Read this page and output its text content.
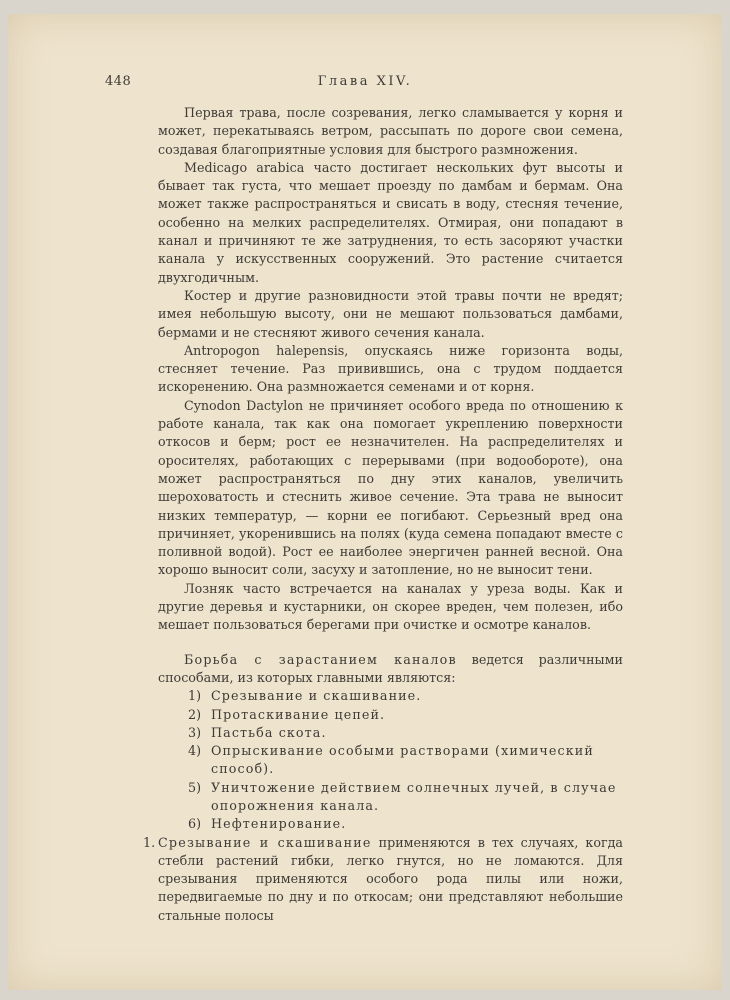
448	Глава XIV.

Первая трава, после созревания, легко сламывается у корня и может, перекатываясь ветром, рассыпать по дороге свои семена, создавая благоприятные условия для быстрого размножения.

Medicago arabica часто достигает нескольких фут высоты и бывает так густа, что мешает проезду по дамбам и бермам. Она может также распространяться и свисать в воду, стесняя течение, особенно на мелких распределителях. Отмирая, они попадают в канал и причиняют те же затруднения, то есть засоряют участки канала у искусственных сооружений. Это растение считается двухгодичным.

Костер и другие разновидности этой травы почти не вредят; имея небольшую высоту, они не мешают пользоваться дамбами, бермами и не стесняют живого сечения канала.

Antropogon halepensis, опускаясь ниже горизонта воды, стесняет течение. Раз привившись, она с трудом поддается искоренению. Она размножается семенами и от корня.

Cynodon Dactylon не причиняет особого вреда по отношению к работе канала, так как она помогает укреплению поверхности откосов и берм; рост ее незначителен. На распределителях и оросителях, работающих с перерывами (при водообороте), она может распространяться по дну этих каналов, увеличить шероховатость и стеснить живое сечение. Эта трава не выносит низких температур, — корни ее погибают. Серьезный вред она причиняет, укоренившись на полях (куда семена попадают вместе с поливной водой). Рост ее наиболее энергичен ранней весной. Она хорошо выносит соли, засуху и затопление, но не выносит тени.

Лозняк часто встречается на каналах у уреза воды. Как и другие деревья и кустарники, он скорее вреден, чем полезен, ибо мешает пользоваться берегами при очистке и осмотре каналов.

Борьба с зарастанием каналов ведется различными способами, из которых главными являются:

1) Срезывание и скашивание.
2) Протаскивание цепей.
3) Пастьба скота.
4) Опрыскивание особыми растворами (химический способ).
5) Уничтожение действием солнечных лучей, в случае опорожнения канала.
6) Нефтенирование.

1. Срезывание и скашивание применяются в тех случаях, когда стебли растений гибки, легко гнутся, но не ломаются. Для срезывания применяются особого рода пилы или ножи, передвигаемые по дну и по откосам; они представляют небольшие стальные полосы
